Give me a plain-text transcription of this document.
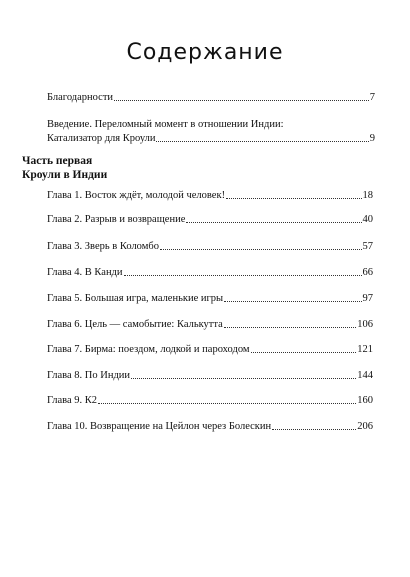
Содержание
Благодарности	7
Введение. Переломный момент в отношении Индии:
Катализатор для Кроули	9
Часть первая
Кроули в Индии
Глава 1. Восток ждёт, молодой человек!	18
Глава 2. Разрыв и возвращение	40
Глава 3. Зверь в Коломбо	57
Глава 4. В Канди	66
Глава 5. Большая игра, маленькие игры	97
Глава 6. Цель — самобытие: Калькутта	106
Глава 7. Бирма: поездом, лодкой и пароходом	121
Глава 8. По Индии	144
Глава 9. К2	160
Глава 10. Возвращение на Цейлон через Болескин	206
